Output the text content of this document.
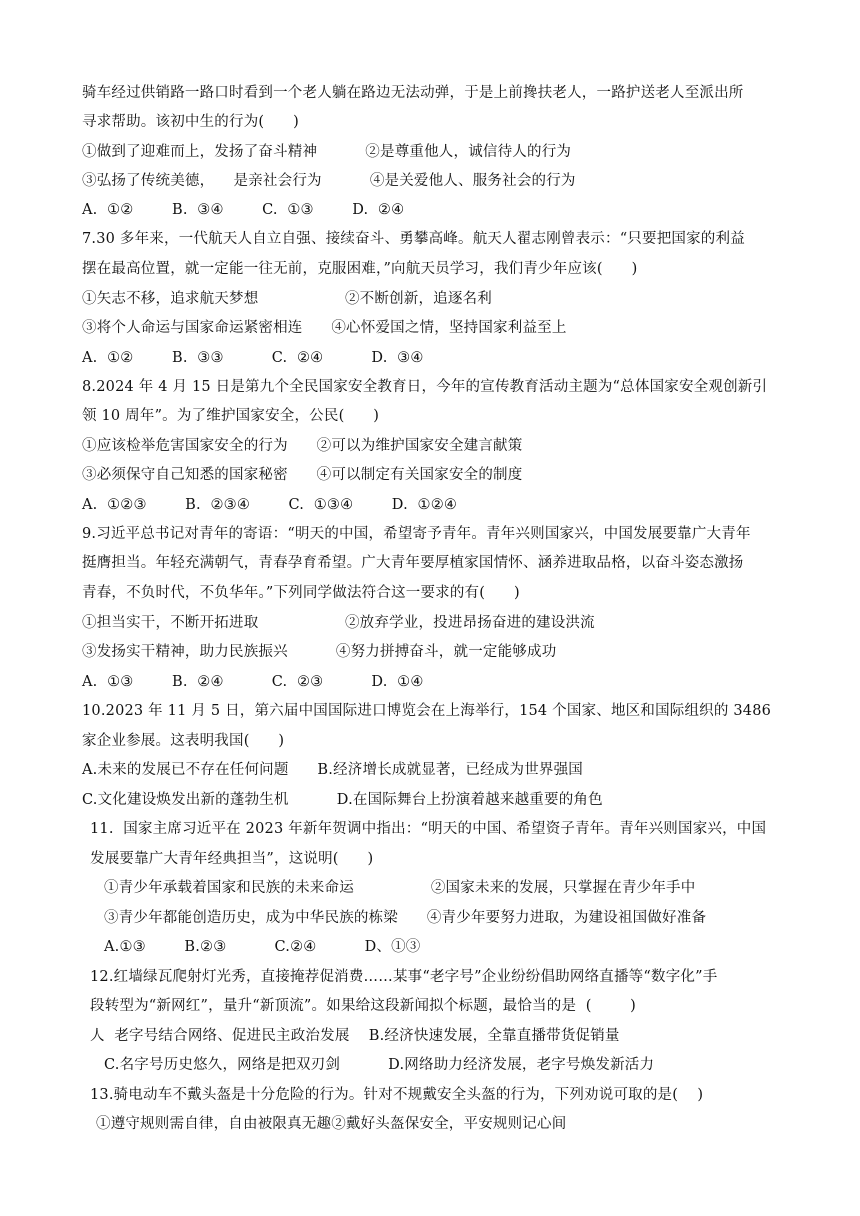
骑车经过供销路一路口时看到一个老人躺在路边无法动弹，于是上前搀扶老人，一路护送老人至派出所
寻求帮助。该初中生的行为(      )
①做到了迎难而上，发扬了奋斗精神          ②是尊重他人，诚信待人的行为
③弘扬了传统美德，    是亲社会行为          ④是关爱他人、服务社会的行为
A.  ①②        B.  ③④        C.  ①③        D.  ②④
7.30 多年来，一代航天人自立自强、接续奋斗、勇攀高峰。航天人翟志刚曾表示：“只要把国家的利益
摆在最高位置，就一定能一往无前，克服困难，”向航天员学习，我们青少年应该(      )
①矢志不移，追求航天梦想                  ②不断创新，追逐名利
③将个人命运与国家命运紧密相连      ④心怀爱国之情，坚持国家利益至上
A.  ①②        B.  ③③          C.  ②④          D.  ③④
8.2024 年 4 月 15 日是第九个全民国家安全教育日，今年的宣传教育活动主题为“总体国家安全观创新引
领 10 周年”。为了维护国家安全，公民(      )
①应该检举危害国家安全的行为      ②可以为维护国家安全建言献策
③必须保守自己知悉的国家秘密      ④可以制定有关国家安全的制度
A.  ①②③        B.  ②③④        C.  ①③④        D.  ①②④
9.习近平总书记对青年的寄语：“明天的中国，希望寄予青年。青年兴则国家兴，中国发展要靠广大青年
挺膺担当。年轻充满朝气，青春孕育希望。广大青年要厚植家国情怀、涵养进取品格，以奋斗姿态激扬
青春，不负时代，不负华年。”下列同学做法符合这一要求的有(      )
①担当实干，不断开拓进取                  ②放弃学业，投进昂扬奋进的建设洪流
③发扬实干精神，助力民族振兴          ④努力拼搏奋斗，就一定能够成功
A.  ①③        B.  ②④          C.  ②③          D.  ①④
10.2023 年 11 月 5 日，第六届中国国际进口博览会在上海举行，154 个国家、地区和国际组织的 3486
家企业参展。这表明我国(      )
A.未来的发展已不存在任何问题      B.经济增长成就显著，已经成为世界强国
C.文化建设焕发出新的蓬勃生机          D.在国际舞台上扮演着越来越重要的角色
11.  国家主席习近平在 2023 年新年贺调中指出：“明天的中国、希望资子青年。青年兴则国家兴，中国
发展要靠广大青年经典担当”，这说明(      )
①青少年承载着国家和民族的未来命运                ②国家未来的发展，只掌握在青少年手中
③青少年都能创造历史，成为中华民族的栋梁      ④青少年要努力进取，为建设祖国做好准备
A.①③        B.②③          C.②④          D、①③
12.红墙绿瓦爬射灯光秀，直接掩荐促消费……某事“老字号”企业纷纷倡助网络直播等“数字化”手
段转型为“新网红”，量升“新顶流”。如果给这段新闻拟个标题，最恰当的是  (        )
人  老字号结合网络、促进民主政治发展    B.经济快速发展，全靠直播带货促销量
C.名字号历史悠久，网络是把双刃剑          D.网络助力经济发展，老字号焕发新活力
13.骑电动车不戴头盔是十分危险的行为。针对不规戴安全头盔的行为，下列劝说可取的是(    )
①遵守规则需自律，自由被限真无趣②戴好头盔保安全，平安规则记心间
